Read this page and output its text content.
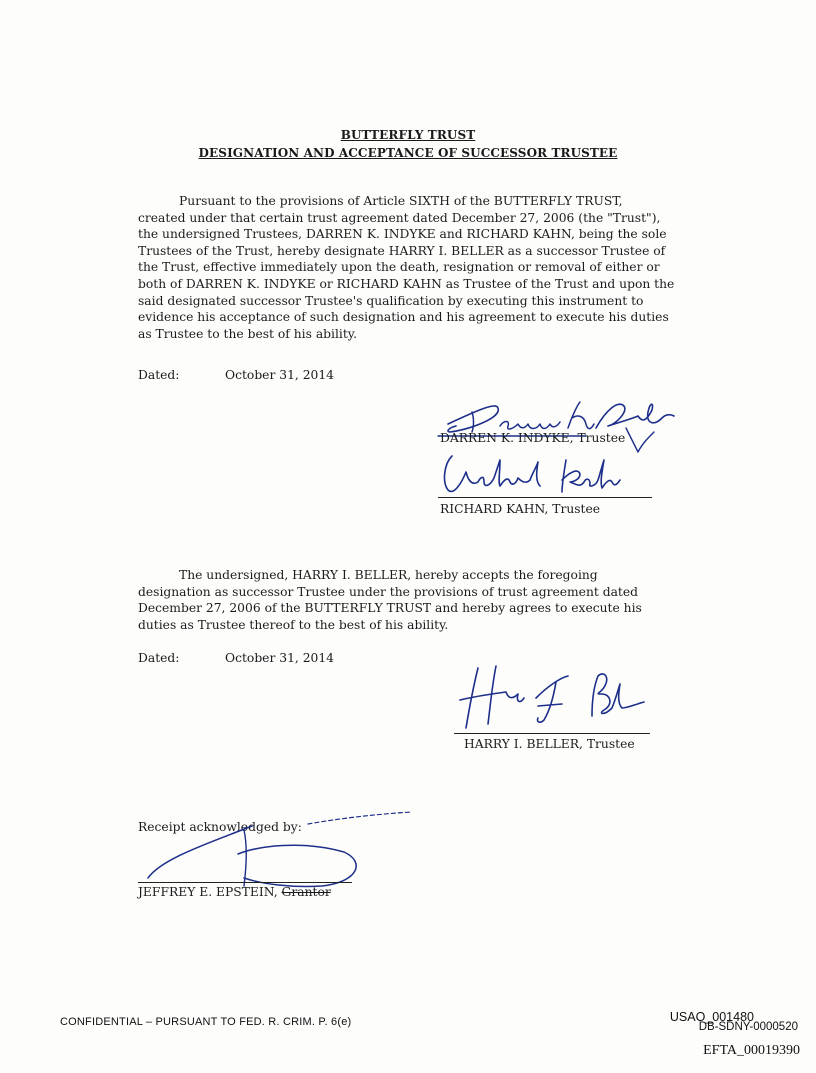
BUTTERFLY TRUST
DESIGNATION AND ACCEPTANCE OF SUCCESSOR TRUSTEE
Pursuant to the provisions of Article SIXTH of the BUTTERFLY TRUST,
created under that certain trust agreement dated December 27, 2006 (the "Trust"),
the undersigned Trustees, DARREN K. INDYKE and RICHARD KAHN, being the sole
Trustees of the Trust, hereby designate HARRY I. BELLER as a successor Trustee of
the Trust, effective immediately upon the death, resignation or removal of either or
both of DARREN K. INDYKE or RICHARD KAHN as Trustee of the Trust and upon the
said designated successor Trustee's qualification by executing this instrument to
evidence his acceptance of such designation and his agreement to execute his duties
as Trustee to the best of his ability.
Dated:	October 31, 2014
DARREN K. INDYKE, Trustee
RICHARD KAHN, Trustee
The undersigned, HARRY I. BELLER, hereby accepts the foregoing
designation as successor Trustee under the provisions of trust agreement dated
December 27, 2006 of the BUTTERFLY TRUST and hereby agrees to execute his
duties as Trustee thereof to the best of his ability.
Dated:	October 31, 2014
HARRY I. BELLER, Trustee
Receipt acknowledged by:
JEFFREY E. EPSTEIN, Grantor
CONFIDENTIAL – PURSUANT TO FED. R. CRIM. P. 6(e)	USAO_001480
DB-SDNY-0000520
EFTA_00019390
